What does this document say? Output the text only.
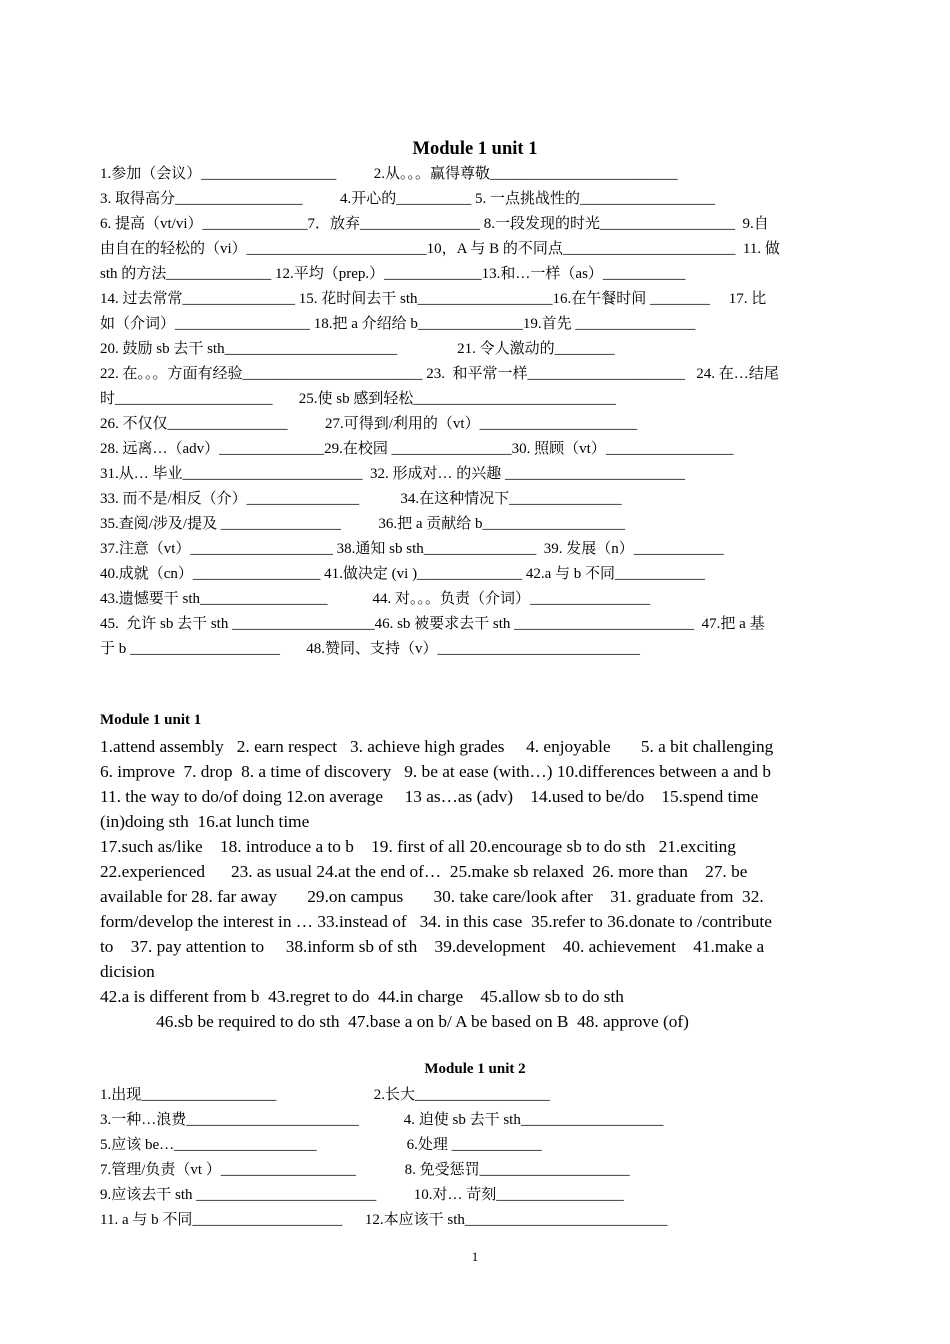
Module 1 unit 1
1.参加（会议）__________________          2.从。。。赢得尊敬_________________________
3. 取得高分_________________          4.开心的__________ 5. 一点挑战性的__________________
6. 提高（vt/vi）______________7．放弃________________ 8.一段发现的时光__________________  9.自
由自在的轻松的（vi）________________________10，A 与 B 的不同点_______________________  11. 做
sth 的方法______________ 12.平均（prep.）_____________13.和…一样（as）___________
14. 过去常常_______________ 15. 花时间去干 sth__________________16.在午餐时间 ________     17. 比
如（介词）__________________ 18.把 a 介绍给 b______________19.首先 ________________
20. 鼓励 sb 去干 sth_______________________                21. 令人激动的________
22. 在。。。方面有经验________________________ 23.  和平常一样_____________________   24. 在…结尾
时_____________________       25.使 sb 感到轻松___________________________
26. 不仅仅________________          27.可得到/利用的（vt）_____________________
28. 远离…（adv）______________29.在校园 ________________30. 照顾（vt）_________________
31.从… 毕业________________________  32. 形成对… 的兴趣 ________________________
33. 而不是/相反（介）_______________           34.在这种情况下_______________
35.查阅/涉及/提及 ________________          36.把 a 贡献给 b___________________
37.注意（vt）___________________ 38.通知 sb sth_______________  39. 发展（n）____________
40.成就（cn）_________________ 41.做决定 (vi )______________ 42.a 与 b 不同____________
43.遗憾要干 sth_________________            44. 对。。。负责（介词）________________
45.  允许 sb 去干 sth ___________________46. sb 被要求去干 sth ________________________  47.把 a 基
于 b ____________________       48.赞同、支持（v）___________________________
Module 1 unit 1
1.attend assembly   2. earn respect   3. achieve high grades     4. enjoyable       5. a bit challenging
6. improve  7. drop  8. a time of discovery   9. be at ease (with…) 10.differences between a and b
11. the way to do/of doing 12.on average     13 as…as (adv)    14.used to be/do    15.spend time
(in)doing sth  16.at lunch time
17.such as/like    18. introduce a to b    19. first of all 20.encourage sb to do sth   21.exciting
22.experienced      23. as usual 24.at the end of…  25.make sb relaxed  26. more than    27. be
available for 28. far away       29.on campus       30. take care/look after    31. graduate from  32.
form/develop the interest in … 33.instead of   34. in this case  35.refer to 36.donate to /contribute
to    37. pay attention to     38.inform sb of sth    39.development    40. achievement    41.make a
dicision
42.a is different from b  43.regret to do  44.in charge    45.allow sb to do sth
46.sb be required to do sth  47.base a on b/ A be based on B  48. approve (of)
Module 1 unit 2
1.出现__________________                          2.长大__________________
3.一种…浪费_______________________            4. 迫使 sb 去干 sth___________________
5.应该 be…___________________                        6.处理 ____________
7.管理/负责（vt ）__________________             8. 免受惩罚____________________
9.应该去干 sth ________________________          10.对… 苛刻_________________
11. a 与 b 不同____________________      12.本应该干 sth___________________________
1
